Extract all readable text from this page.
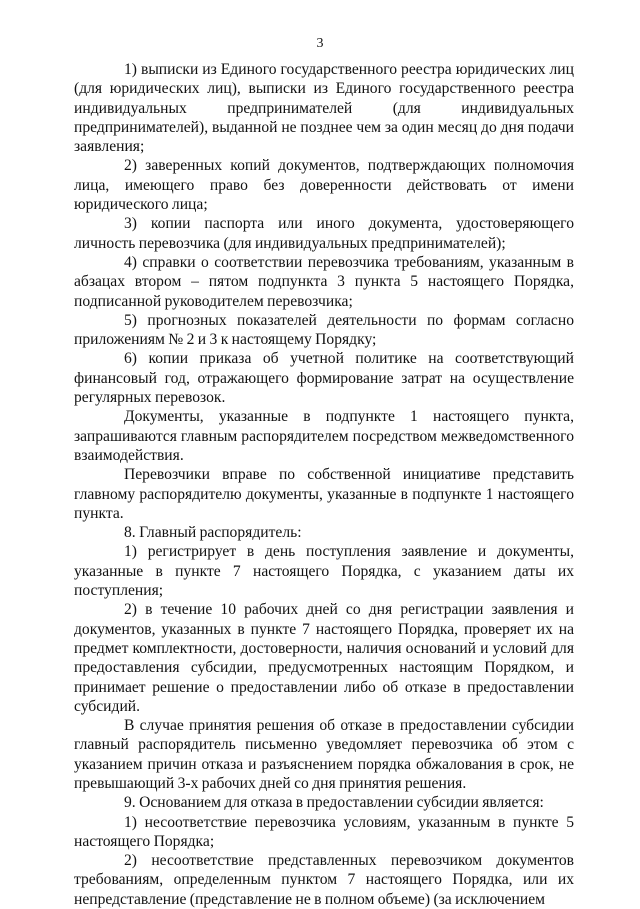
3

1) выписки из Единого государственного реестра юридических лиц (для юридических лиц), выписки из Единого государственного реестра индивидуальных предпринимателей (для индивидуальных предпринимателей), выданной не позднее чем за один месяц до дня подачи заявления;

2) заверенных копий документов, подтверждающих полномочия лица, имеющего право без доверенности действовать от имени юридического лица;

3) копии паспорта или иного документа, удостоверяющего личность перевозчика (для индивидуальных предпринимателей);

4) справки о соответствии перевозчика требованиям, указанным в абзацах втором – пятом подпункта 3 пункта 5 настоящего Порядка, подписанной руководителем перевозчика;

5) прогнозных показателей деятельности по формам согласно приложениям № 2 и 3 к настоящему Порядку;

6) копии приказа об учетной политике на соответствующий финансовый год, отражающего формирование затрат на осуществление регулярных перевозок.

Документы, указанные в подпункте 1 настоящего пункта, запрашиваются главным распорядителем посредством межведомственного взаимодействия.

Перевозчики вправе по собственной инициативе представить главному распорядителю документы, указанные в подпункте 1 настоящего пункта.

8. Главный распорядитель:

1) регистрирует в день поступления заявление и документы, указанные в пункте 7 настоящего Порядка, с указанием даты их поступления;

2) в течение 10 рабочих дней со дня регистрации заявления и документов, указанных в пункте 7 настоящего Порядка, проверяет их на предмет комплектности, достоверности, наличия оснований и условий для предоставления субсидии, предусмотренных настоящим Порядком, и принимает решение о предоставлении либо об отказе в предоставлении субсидий.

В случае принятия решения об отказе в предоставлении субсидии главный распорядитель письменно уведомляет перевозчика об этом с указанием причин отказа и разъяснением порядка обжалования в срок, не превышающий 3-х рабочих дней со дня принятия решения.

9. Основанием для отказа в предоставлении субсидии является:

1) несоответствие перевозчика условиям, указанным в пункте 5 настоящего Порядка;

2) несоответствие представленных перевозчиком документов требованиям, определенным пунктом 7 настоящего Порядка, или их непредставление (представление не в полном объеме) (за исключением
